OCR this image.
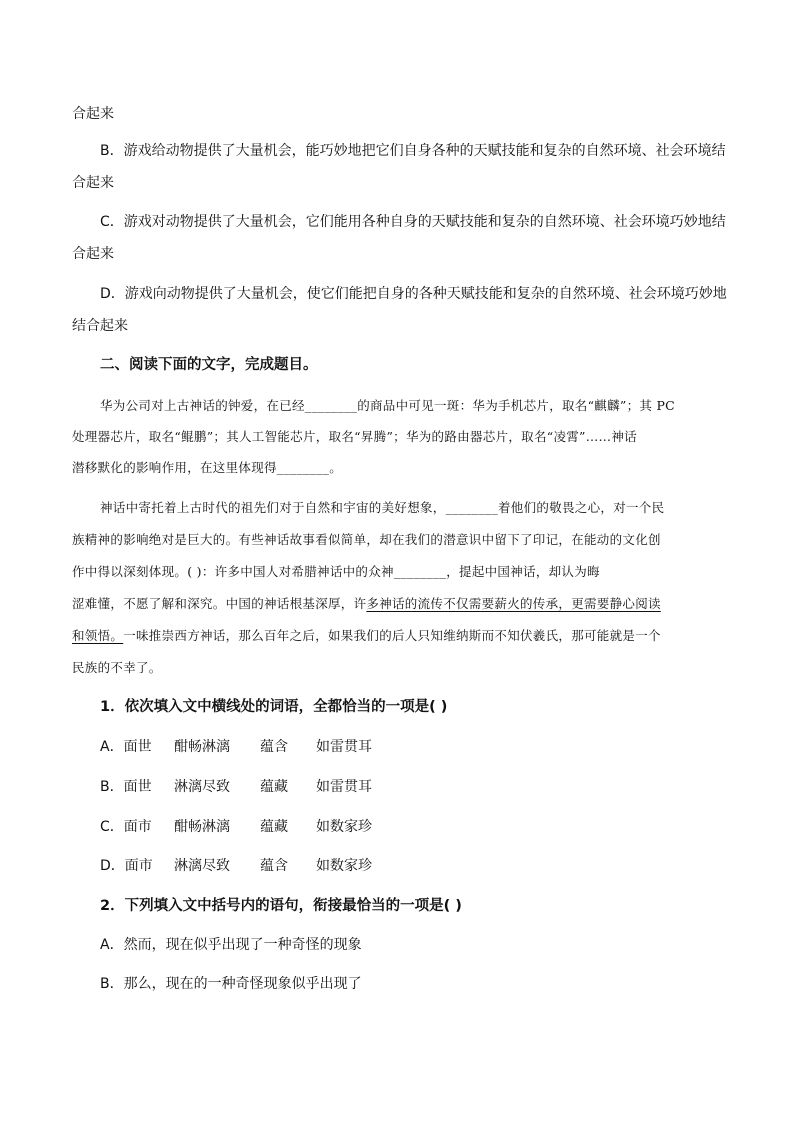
合起来
B．游戏给动物提供了大量机会，能巧妙地把它们自身各种的天赋技能和复杂的自然环境、社会环境结
合起来
C．游戏对动物提供了大量机会，它们能用各种自身的天赋技能和复杂的自然环境、社会环境巧妙地结
合起来
D．游戏向动物提供了大量机会，使它们能把自身的各种天赋技能和复杂的自然环境、社会环境巧妙地
结合起来
二、阅读下面的文字，完成题目。
华为公司对上古神话的钟爱，在已经________的商品中可见一斑：华为手机芯片，取名“麒麟”；其 PC
处理器芯片，取名“鲲鹏”；其人工智能芯片，取名“昇腾”；华为的路由器芯片，取名“凌霄”……神话
潜移默化的影响作用，在这里体现得________。
神话中寄托着上古时代的祖先们对于自然和宇宙的美好想象，________着他们的敬畏之心，对一个民
族精神的影响绝对是巨大的。有些神话故事看似简单，却在我们的潜意识中留下了印记，在能动的文化创
作中得以深刻体现。( )：许多中国人对希腊神话中的众神________，提起中国神话，却认为晦
涩难懂，不愿了解和深究。中国的神话根基深厚，许多神话的流传不仅需要薪火的传承，更需要静心阅读
和领悟。一味推崇西方神话，那么百年之后，如果我们的后人只知维纳斯而不知伏羲氏，那可能就是一个
民族的不幸了。
1．依次填入文中横线处的词语，全都恰当的一项是( )
A．面世 酣畅淋漓 蕴含 如雷贯耳
B．面世 淋漓尽致 蕴藏 如雷贯耳
C．面市 酣畅淋漓 蕴藏 如数家珍
D．面市 淋漓尽致 蕴含 如数家珍
2．下列填入文中括号内的语句，衔接最恰当的一项是( )
A．然而，现在似乎出现了一种奇怪的现象
B．那么，现在的一种奇怪现象似乎出现了
